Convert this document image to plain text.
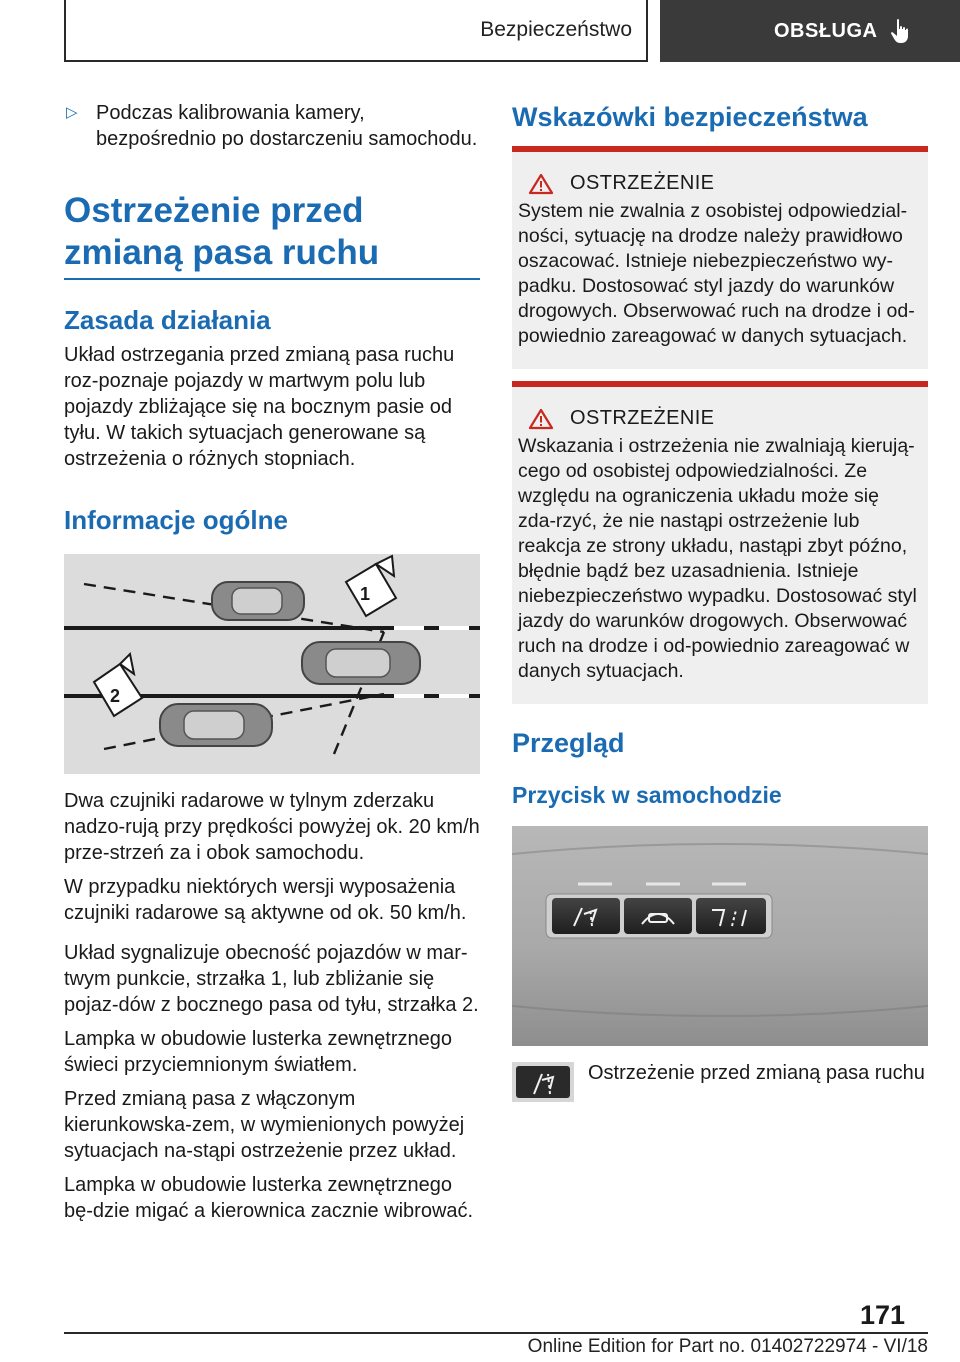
Bezpieczeństwo	OBSŁUGA
▷ Podczas kalibrowania kamery, bezpośrednio po dostarczeniu samochodu.

Ostrzeżenie przed zmianą pasa ruchu
Zasada działania

Układ ostrzegania przed zmianą pasa ruchu roz-poznaje pojazdy w martwym polu lub pojazdy zbliżające się na bocznym pasie od tyłu. W takich sytuacjach generowane są ostrzeżenia o różnych stopniach.

Informacje ogólne
1
2

Dwa czujniki radarowe w tylnym zderzaku nadzo-rują przy prędkości powyżej ok. 20 km/h prze-strzeń za i obok samochodu.

W przypadku niektórych wersji wyposażenia czujniki radarowe są aktywne od ok. 50 km/h.

Układ sygnalizuje obecność pojazdów w mar-twym punkcie, strzałka 1, lub zbliżanie się pojaz-dów z bocznego pasa od tyłu, strzałka 2.

Lampka w obudowie lusterka zewnętrznego świeci przyciemnionym światłem.

Przed zmianą pasa z włączonym kierunkowska-zem, w wymienionych powyżej sytuacjach na-stąpi ostrzeżenie przez układ.

Lampka w obudowie lusterka zewnętrznego bę-dzie migać a kierownica zacznie wibrować.

Wskazówki bezpieczeństwa
OSTRZEŻENIE

System nie zwalnia z osobistej odpowiedzial-ności, sytuację na drodze należy prawidłowo oszacować. Istnieje niebezpieczeństwo wy-padku. Dostosować styl jazdy do warunków drogowych. Obserwować ruch na drodze i od-powiednio zareagować w danych sytuacjach.

OSTRZEŻENIE

Wskazania i ostrzeżenia nie zwalniają kierują-cego od osobistej odpowiedzialności. Ze względu na ograniczenia układu może się zda-rzyć, że nie nastąpi ostrzeżenie lub reakcja ze strony układu, nastąpi zbyt późno, błędnie bądź bez uzasadnienia. Istnieje niebezpieczeństwo wypadku. Dostosować styl jazdy do warunków drogowych. Obserwować ruch na drodze i od-powiednio zareagować w danych sytuacjach.

Przegląd
Przycisk w samochodzie

Ostrzeżenie przed zmianą pasa ruchu

171
Online Edition for Part no. 01402722974 - VI/18
